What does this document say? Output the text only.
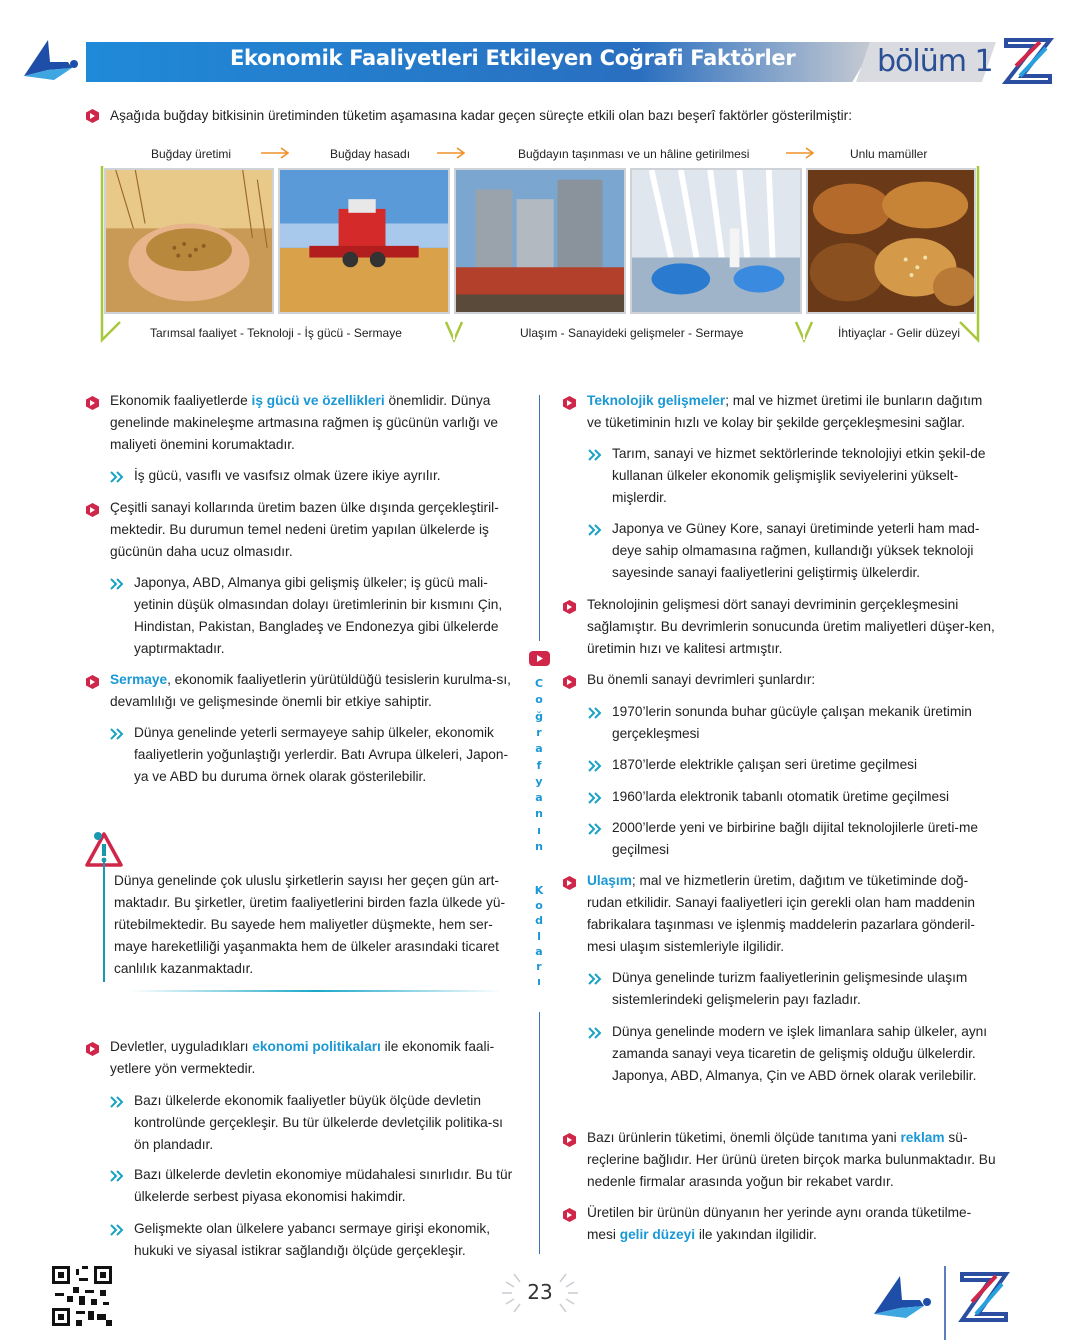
Ekonomik Faaliyetleri Etkileyen Coğrafi Faktörler	bölüm 1
Aşağıda buğday bitkisinin üretiminden tüketim aşamasına kadar geçen süreçte etkili olan bazı beşerî faktörler gösterilmiştir:
Buğday üretimi	Buğday hasadı	Buğdayın taşınması ve un hâline getirilmesi	Unlu mamüller
Tarımsal faaliyet - Teknoloji - İş gücü - Sermaye	Ulaşım - Sanayideki gelişmeler - Sermaye	İhtiyaçlar - Gelir düzeyi
Ekonomik faaliyetlerde iş gücü ve özellikleri önemlidir. Dünya genelinde makineleşme artmasına rağmen iş gücünün varlığı ve maliyeti önemini korumaktadır.
İş gücü, vasıflı ve vasıfsız olmak üzere ikiye ayrılır.
Çeşitli sanayi kollarında üretim bazen ülke dışında gerçekleştiril-mektedir. Bu durumun temel nedeni üretim yapılan ülkelerde iş gücünün daha ucuz olmasıdır.
Japonya, ABD, Almanya gibi gelişmiş ülkeler; iş gücü mali-yetinin düşük olmasından dolayı üretimlerinin bir kısmını Çin, Hindistan, Pakistan, Bangladeş ve Endonezya gibi ülkelerde yaptırmaktadır.
Sermaye, ekonomik faaliyetlerin yürütüldüğü tesislerin kurulma-sı, devamlılığı ve gelişmesinde önemli bir etkiye sahiptir.
Dünya genelinde yeterli sermayeye sahip ülkeler, ekonomik faaliyetlerin yoğunlaştığı yerlerdir. Batı Avrupa ülkeleri, Japon-ya ve ABD bu duruma örnek olarak gösterilebilir.
Dünya genelinde çok uluslu şirketlerin sayısı her geçen gün art-maktadır. Bu şirketler, üretim faaliyetlerini birden fazla ülkede yü-rütebilmektedir. Bu sayede hem maliyetler düşmekte, hem ser-maye hareketliliği yaşanmakta hem de ülkeler arasındaki ticaret canlılık kazanmaktadır.
Devletler, uyguladıkları ekonomi politikaları ile ekonomik faali-yetlere yön vermektedir.
Bazı ülkelerde ekonomik faaliyetler büyük ölçüde devletin kontrolünde gerçekleşir. Bu tür ülkelerde devletçilik politika-sı ön plandadır.
Bazı ülkelerde devletin ekonomiye müdahalesi sınırlıdır. Bu tür ülkelerde serbest piyasa ekonomisi hakimdir.
Gelişmekte olan ülkelere yabancı sermaye girişi ekonomik, hukuki ve siyasal istikrar sağlandığı ölçüde gerçekleşir.
C
o
ğ
r
a
f
y
a
n
ı
n
K
o
d
l
a
r
ı
Teknolojik gelişmeler; mal ve hizmet üretimi ile bunların dağıtım ve tüketiminin hızlı ve kolay bir şekilde gerçekleşmesini sağlar.
Tarım, sanayi ve hizmet sektörlerinde teknolojiyi etkin şekil-de kullanan ülkeler ekonomik gelişmişlik seviyelerini yükselt-mişlerdir.
Japonya ve Güney Kore, sanayi üretiminde yeterli ham mad-deye sahip olmamasına rağmen, kullandığı yüksek teknoloji sayesinde sanayi faaliyetlerini geliştirmiş ülkelerdir.
Teknolojinin gelişmesi dört sanayi devriminin gerçekleşmesini sağlamıştır. Bu devrimlerin sonucunda üretim maliyetleri düşer-ken, üretimin hızı ve kalitesi artmıştır.
Bu önemli sanayi devrimleri şunlardır:
1970’lerin sonunda buhar gücüyle çalışan mekanik üretimin gerçekleşmesi
1870’lerde elektrikle çalışan seri üretime geçilmesi
1960’larda elektronik tabanlı otomatik üretime geçilmesi
2000’lerde yeni ve birbirine bağlı dijital teknolojilerle üreti-me geçilmesi
Ulaşım; mal ve hizmetlerin üretim, dağıtım ve tüketiminde doğ-rudan etkilidir. Sanayi faaliyetleri için gerekli olan ham maddenin fabrikalara taşınması ve işlenmiş maddelerin pazarlara gönderil-mesi ulaşım sistemleriyle ilgilidir.
Dünya genelinde turizm faaliyetlerinin gelişmesinde ulaşım sistemlerindeki gelişmelerin payı fazladır.
Dünya genelinde modern ve işlek limanlara sahip ülkeler, aynı zamanda sanayi veya ticaretin de gelişmiş olduğu ülkelerdir. Japonya, ABD, Almanya, Çin ve ABD örnek olarak verilebilir.
Bazı ürünlerin tüketimi, önemli ölçüde tanıtıma yani reklam sü-reçlerine bağlıdır. Her ürünü üreten birçok marka bulunmaktadır. Bu nedenle firmalar arasında yoğun bir rekabet vardır.
Üretilen bir ürünün dünyanın her yerinde aynı oranda tüketilme-mesi gelir düzeyi ile yakından ilgilidir.
23
